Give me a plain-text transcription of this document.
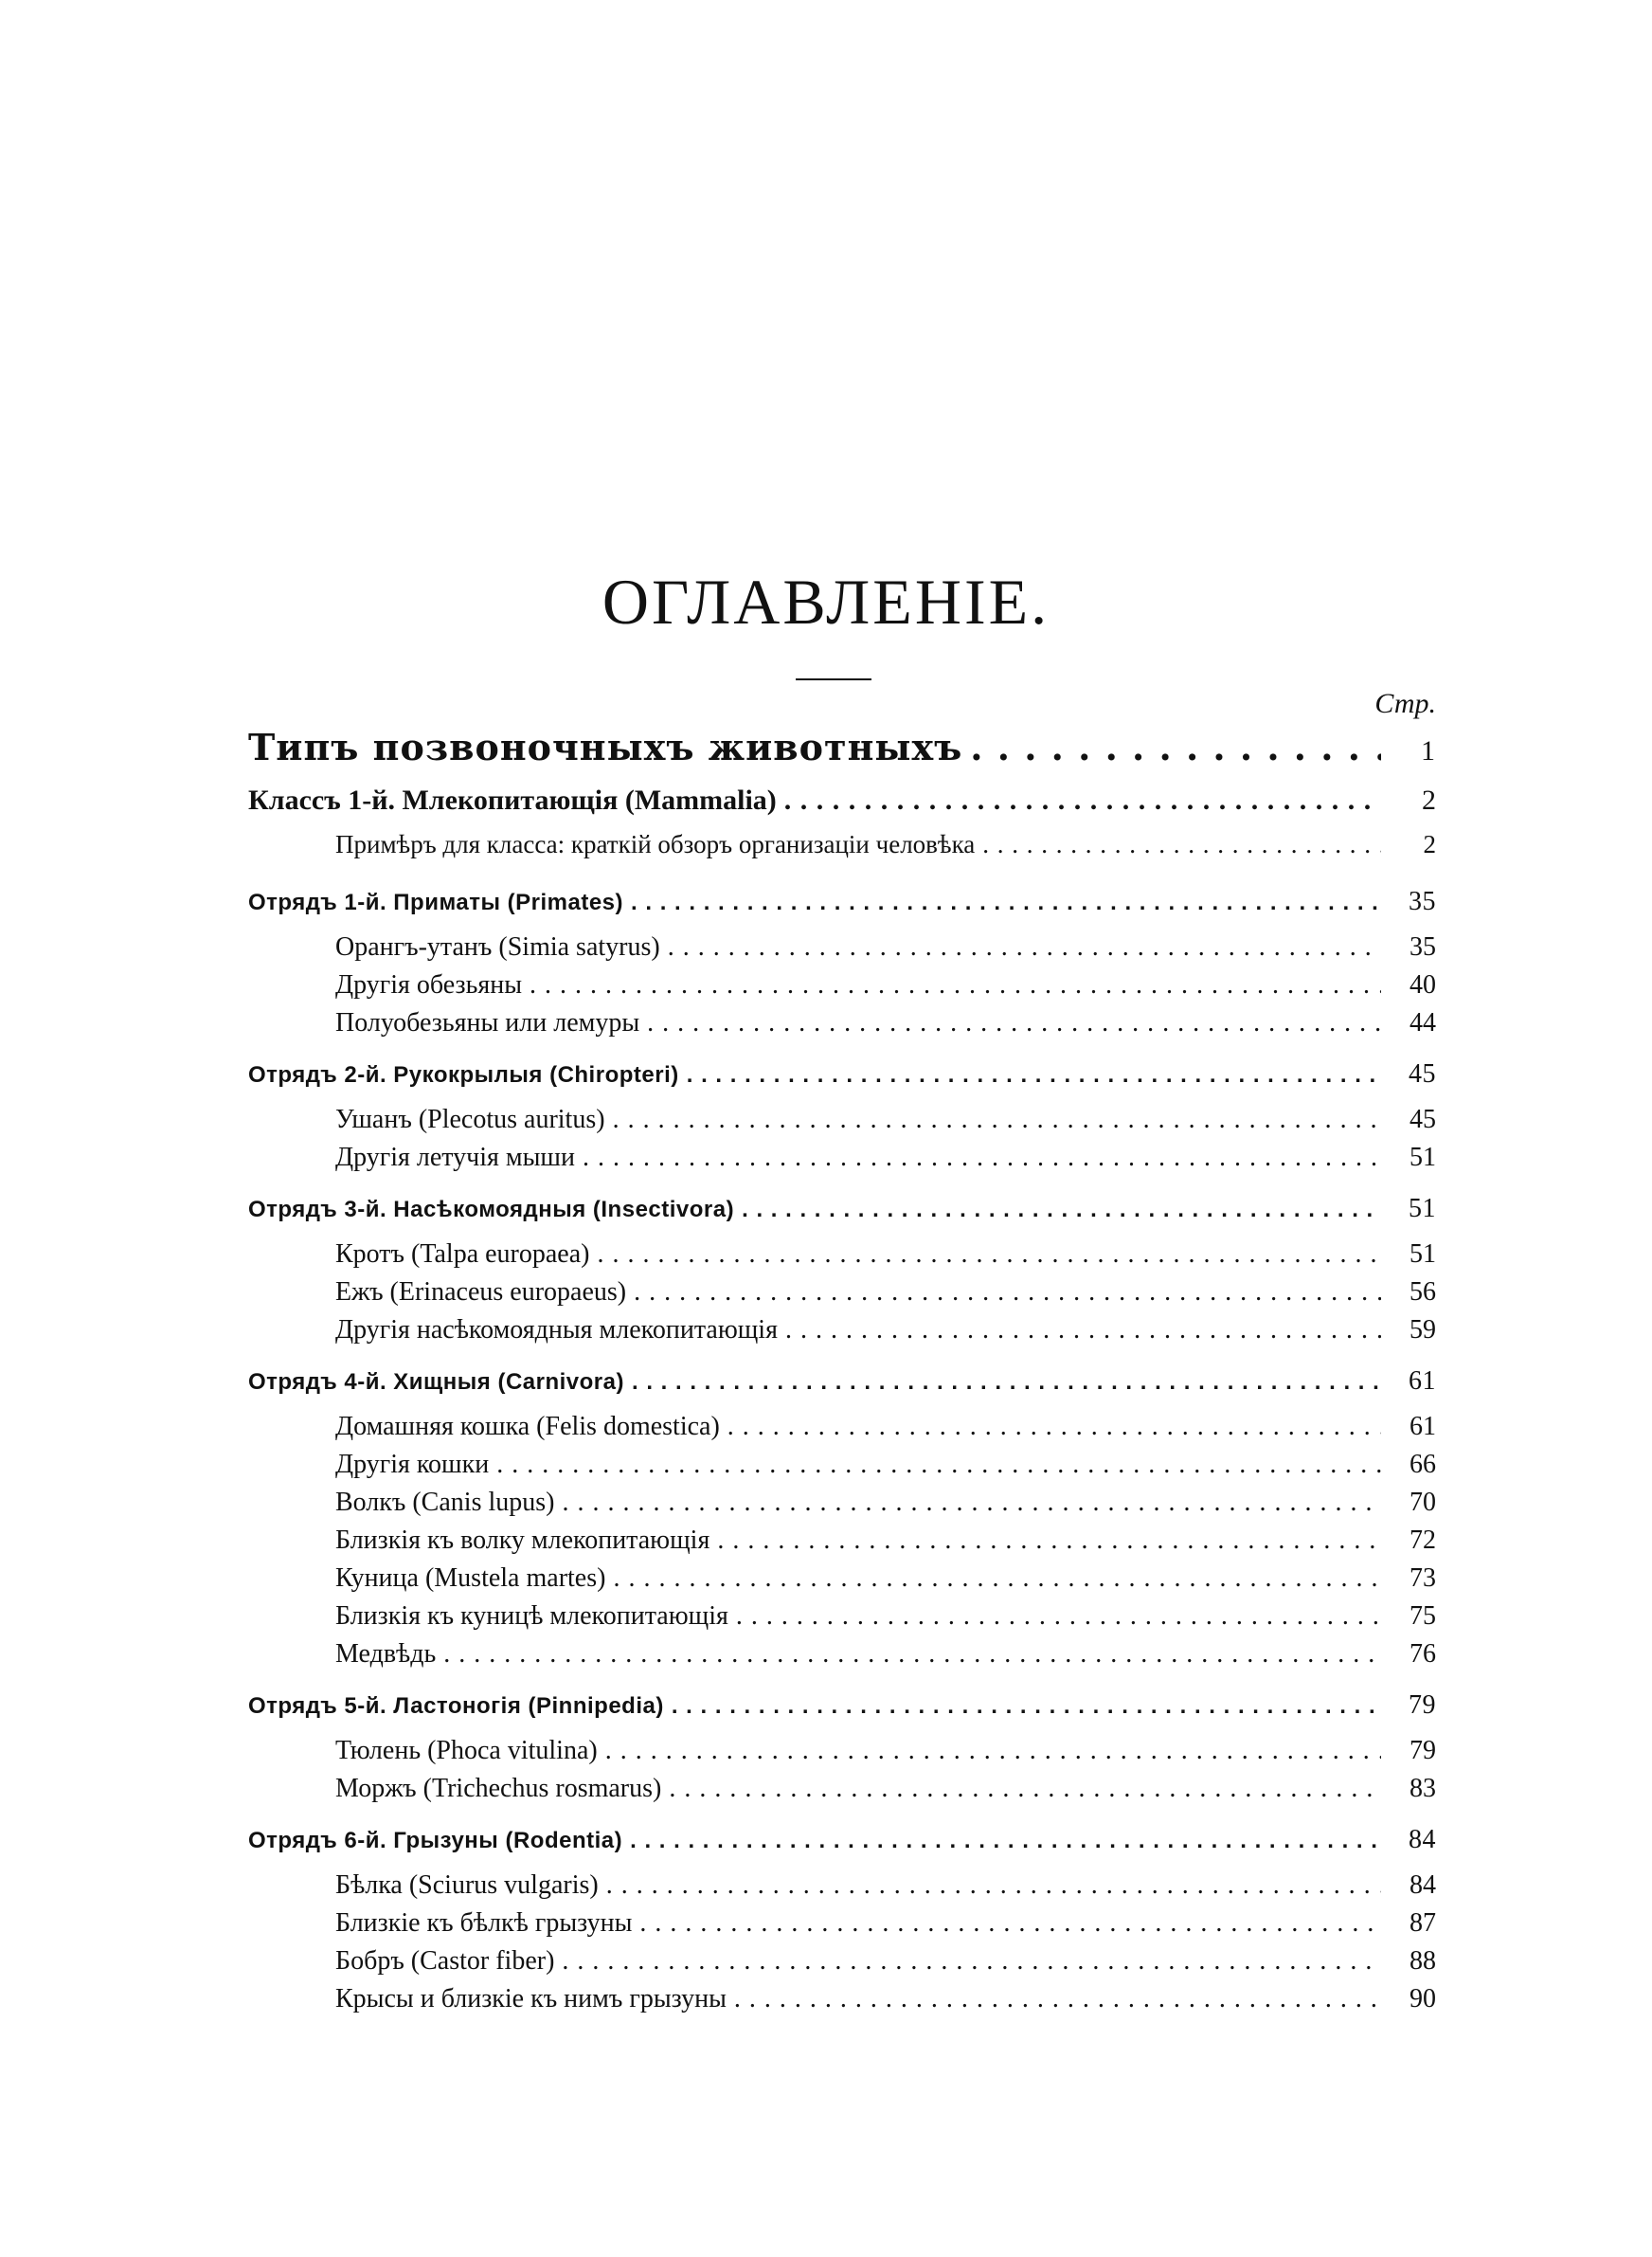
ОГЛАВЛЕНІЕ.
Стр.
Типъ позвоночныхъ животныхъ . . .	1
Классъ 1-й. Млекопитающія (Mammalia) . . .	2
Примѣръ для класса: краткій обзоръ организаціи человѣка . . .	2
Отрядъ 1-й. Приматы (Primates) . . .	35
Орангъ-утанъ (Simia satyrus) . . .	35
Другія обезьяны . . .	40
Полуобезьяны или лемуры . . .	44
Отрядъ 2-й. Рукокрылыя (Chiropteri) . . .	45
Ушанъ (Plecotus auritus) . . .	45
Другія летучія мыши . . .	51
Отрядъ 3-й. Насѣкомоядныя (Insectivora) . . .	51
Кротъ (Talpa europaea) . . .	51
Ежъ (Erinaceus europaeus) . . .	56
Другія насѣкомоядныя млекопитающія . . .	59
Отрядъ 4-й. Хищныя (Carnivora) . . .	61
Домашняя кошка (Felis domestica) . . .	61
Другія кошки . . .	66
Волкъ (Canis lupus) . . .	70
Близкія къ волку млекопитающія . . .	72
Куница (Mustela martes) . . .	73
Близкія къ куницѣ млекопитающія . . .	75
Медвѣдь . . .	76
Отрядъ 5-й. Ластоногія (Pinnipedia) . . .	79
Тюлень (Phoca vitulina) . . .	79
Моржъ (Trichechus rosmarus) . . .	83
Отрядъ 6-й. Грызуны (Rodentia) . . .	84
Бѣлка (Sciurus vulgaris) . . .	84
Близкіе къ бѣлкѣ грызуны . . .	87
Бобръ (Castor fiber) . . .	88
Крысы и близкіе къ нимъ грызуны . . .	90
